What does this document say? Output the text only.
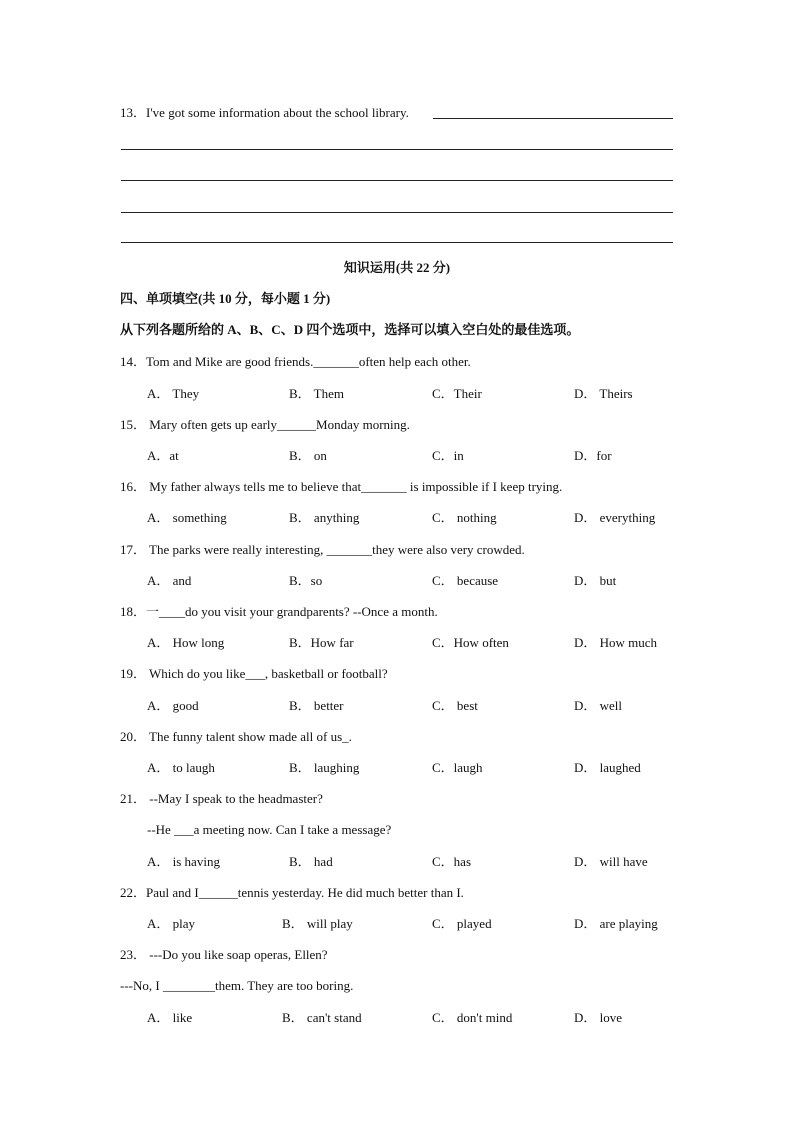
13．I've got some information about the school library.
知识运用(共 22 分)
四、单项填空(共 10 分，每小题 1 分)
从下列各题所给的 A、B、C、D 四个选项中，选择可以填入空白处的最佳选项。
14．Tom and Mike are good friends._______often help each other.
A． They	B． Them	C．Their	D． Theirs
15． Mary often gets up early______Monday morning.
A．at	B． on	C．in	D．for
16． My father always tells me to believe that_______ is impossible if I keep trying.
A． something	B． anything	C． nothing	D． everything
17． The parks were really interesting, _______they were also very crowded.
A． and	B．so	C． because	D． but
18．一____do you visit your grandparents? --Once a month.
A． How long	B．How far	C．How often	D． How much
19． Which do you like___, basketball or football?
A． good	B． better	C． best	D． well
20． The funny talent show made all of us_.
A． to laugh	B． laughing	C．laugh	D． laughed
21． --May I speak to the headmaster?
--He ___a meeting now. Can I take a message?
A． is having	B． had	C．has	D． will have
22．Paul and I______tennis yesterday. He did much better than I.
A． play	B． will play	C． played	D． are playing
23． ---Do you like soap operas, Ellen?
---No, I ________them. They are too boring.
A． like	B． can't stand	C． don't mind	D． love
